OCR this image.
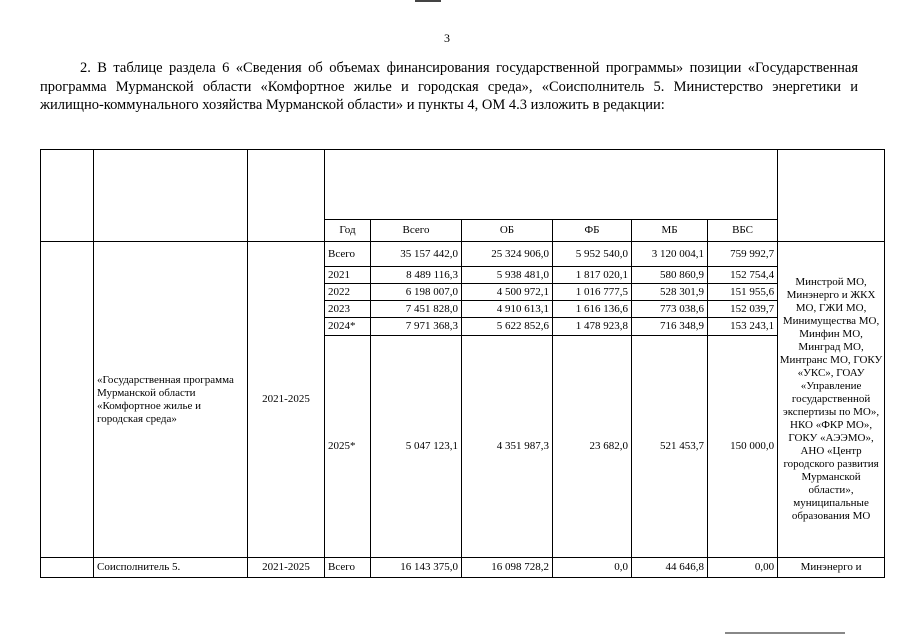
3

2. В таблице раздела 6 «Сведения об объемах финансирования государственной программы» позиции «Государственная программа Мурманской области «Комфортное жилье и городская среда», «Соисполнитель 5. Министерство энергетики и жилищно-коммунального хозяйства Мурманской области» и пункты 4, ОМ 4.3 изложить в редакции:

			Год	Всего	ОБ	ФБ	МБ	ВБС	
	«Государственная программа Мурманской области «Комфортное жилье и городская среда»	2021-2025	Всего	35 157 442,0	25 324 906,0	5 952 540,0	3 120 004,1	759 992,7	Минстрой МО, Минэнерго и ЖКХ МО, ГЖИ МО, Минимущества МО, Минфин МО, Минград МО, Минтранс МО, ГОКУ «УКС», ГОАУ «Управление государственной экспертизы по МО», НКО «ФКР МО», ГОКУ «АЭЭМО», АНО «Центр городского развития Мурманской области», муниципальные образования МО
			2021	8 489 116,3	5 938 481,0	1 817 020,1	580 860,9	152 754,4	
			2022	6 198 007,0	4 500 972,1	1 016 777,5	528 301,9	151 955,6	
			2023	7 451 828,0	4 910 613,1	1 616 136,6	773 038,6	152 039,7	
			2024*	7 971 368,3	5 622 852,6	1 478 923,8	716 348,9	153 243,1	
			2025*	5 047 123,1	4 351 987,3	23 682,0	521 453,7	150 000,0	
	Соисполнитель 5.	2021-2025	Всего	16 143 375,0	16 098 728,2	0,0	44 646,8	0,00	Минэнерго и
